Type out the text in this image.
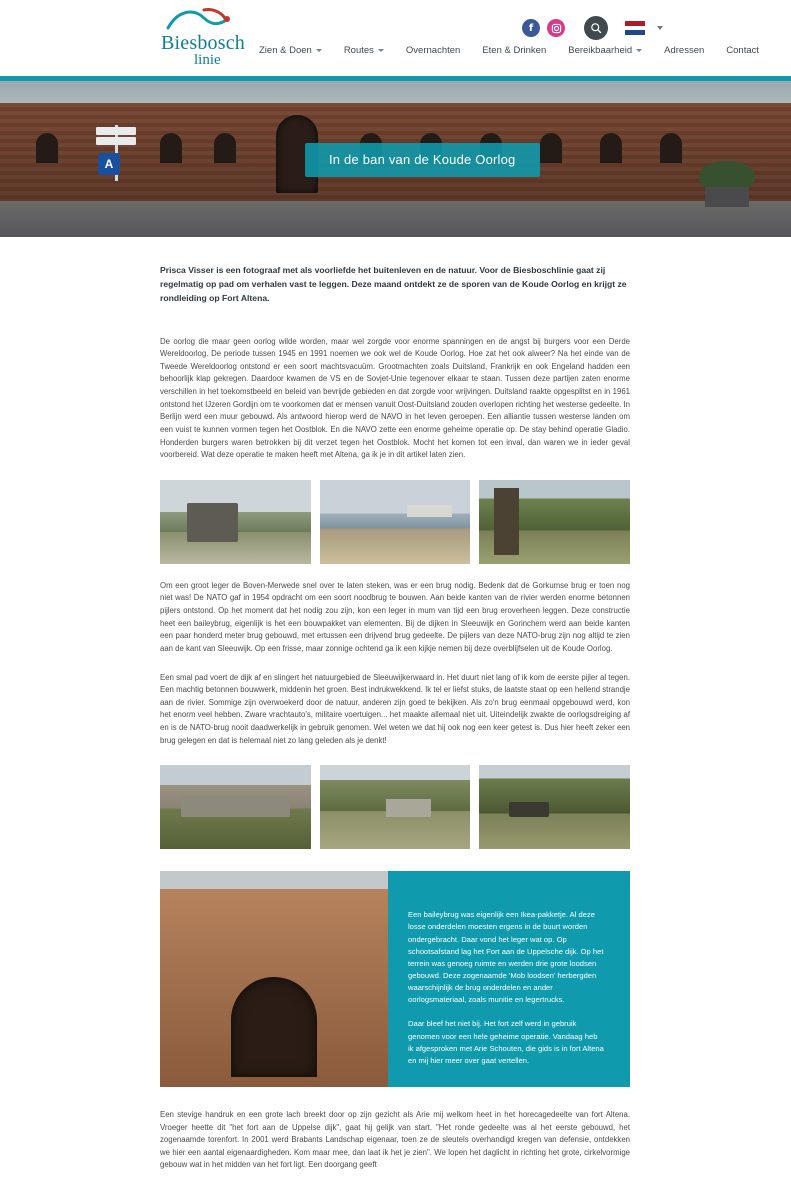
Biesbosch
linie
Zien & Doen	Routes	Overnachten Eten & Drinken Bereikbaarheid	Adressen Contact
f
A	In de ban van de Koude Oorlog
Prisca Visser is een fotograaf met als voorliefde het buitenleven en de natuur. Voor de Biesboschlinie gaat zij regelmatig op pad om verhalen vast te leggen. Deze maand ontdekt ze de sporen van de Koude Oorlog en krijgt ze rondleiding op Fort Altena.
De oorlog die maar geen oorlog wilde worden, maar wel zorgde voor enorme spanningen en de angst bij burgers voor een Derde Wereldoorlog. De periode tussen 1945 en 1991 noemen we ook wel de Koude Oorlog. Hoe zat het ook alweer? Na het einde van de Tweede Wereldoorlog ontstond er een soort machtsvacuüm. Grootmachten zoals Duitsland, Frankrijk en ook Engeland hadden een behoorlijk klap gekregen. Daardoor kwamen de VS en de Sovjet-Unie tegenover elkaar te staan. Tussen deze partijen zaten enorme verschillen in het toekomstbeeld en beleid van bevrijde gebieden en dat zorgde voor wrijvingen. Duitsland raakte opgesplitst en in 1961 ontstond het IJzeren Gordijn om te voorkomen dat er mensen vanuit Oost-Duitsland zouden overlopen richting het westerse gedeelte. In Berlijn werd een muur gebouwd. Als antwoord hierop werd de NAVO in het leven geroepen. Een alliantie tussen westerse landen om een vuist te kunnen vormen tegen het Oostblok. En die NAVO zette een enorme geheime operatie op. De stay behind operatie Gladio. Honderden burgers waren betrokken bij dit verzet tegen het Oostblok. Mocht het komen tot een inval, dan waren we in ieder geval voorbereid. Wat deze operatie te maken heeft met Altena, ga ik je in dit artikel laten zien.
Om een groot leger de Boven-Merwede snel over te laten steken, was er een brug nodig. Bedenk dat de Gorkumse brug er toen nog niet was! De NATO gaf in 1954 opdracht om een soort noodbrug te bouwen. Aan beide kanten van de rivier werden enorme betonnen pijlers ontstond. Op het moment dat het nodig zou zijn, kon een leger in mum van tijd een brug eroverheen leggen. Deze constructie heet een baileybrug, eigenlijk is het een bouwpakket van elementen. Bij de dijken in Sleeuwijk en Gorinchem werd aan beide kanten een paar honderd meter brug gebouwd, met ertussen een drijvend brug gedeelte. De pijlers van deze NATO-brug zijn nog altijd te zien aan de kant van Sleeuwijk. Op een frisse, maar zonnige ochtend ga ik een kijkje nemen bij deze overblijfselen uit de Koude Oorlog.
Een smal pad voert de dijk af en slingert het natuurgebied de Sleeuwijkerwaard in. Het duurt niet lang of ik kom de eerste pijler al tegen. Een machtig betonnen bouwwerk, middenin het groen. Best indrukwekkend. Ik tel er liefst stuks, de laatste staat op een hellend strandje aan de rivier. Sommige zijn overwoekerd door de natuur, anderen zijn goed te bekijken. Als zo'n brug eenmaal opgebouwd werd, kon het enorm veel hebben. Zware vrachtauto's, militaire voertuigen... het maakte allemaal niet uit. Uiteindelijk zwakte de oorlogsdreiging af en is de NATO-brug nooit daadwerkelijk in gebruik genomen. Wel weten we dat hij ook nog een keer getest is. Dus hier heeft zeker een brug gelegen en dat is helemaal niet zo lang geleden als je denkt!

Een baileybrug was eigenlijk een Ikea-pakketje. Al deze losse onderdelen moesten ergens in de buurt worden ondergebracht. Daar vond het leger wat op. Op schootsafstand lag het Fort aan de Uppelsche dijk. Op het terrein was genoeg ruimte en werden drie grote loodsen gebouwd. Deze zogenaamde 'Mob loodsen' herbergden waarschijnlijk de brug onderdelen en ander oorlogsmateriaal, zoals munitie en legertrucks.

Daar bleef het niet bij. Het fort zelf werd in gebruik genomen voor een hele geheime operatie. Vandaag heb ik afgesproken met Arie Schouten, die gids is in fort Altena en mij hier meer over gaat vertellen.

Een stevige handruk en een grote lach breekt door op zijn gezicht als Arie mij welkom heet in het horecagedeelte van fort Altena. Vroeger heette dit "het fort aan de Uppelse dijk", gaat hij gelijk van start. "Het ronde gedeelte was al het eerste gebouwd, het zogenaamde torenfort. In 2001 werd Brabants Landschap eigenaar, toen ze de sleutels overhandigd kregen van defensie, ontdekken we hier een aantal eigenaardigheden. Kom maar mee, dan laat ik het je zien". We lopen het daglicht in richting het grote, cirkelvormige gebouw wat in het midden van het fort ligt. Een doorgang geeft
